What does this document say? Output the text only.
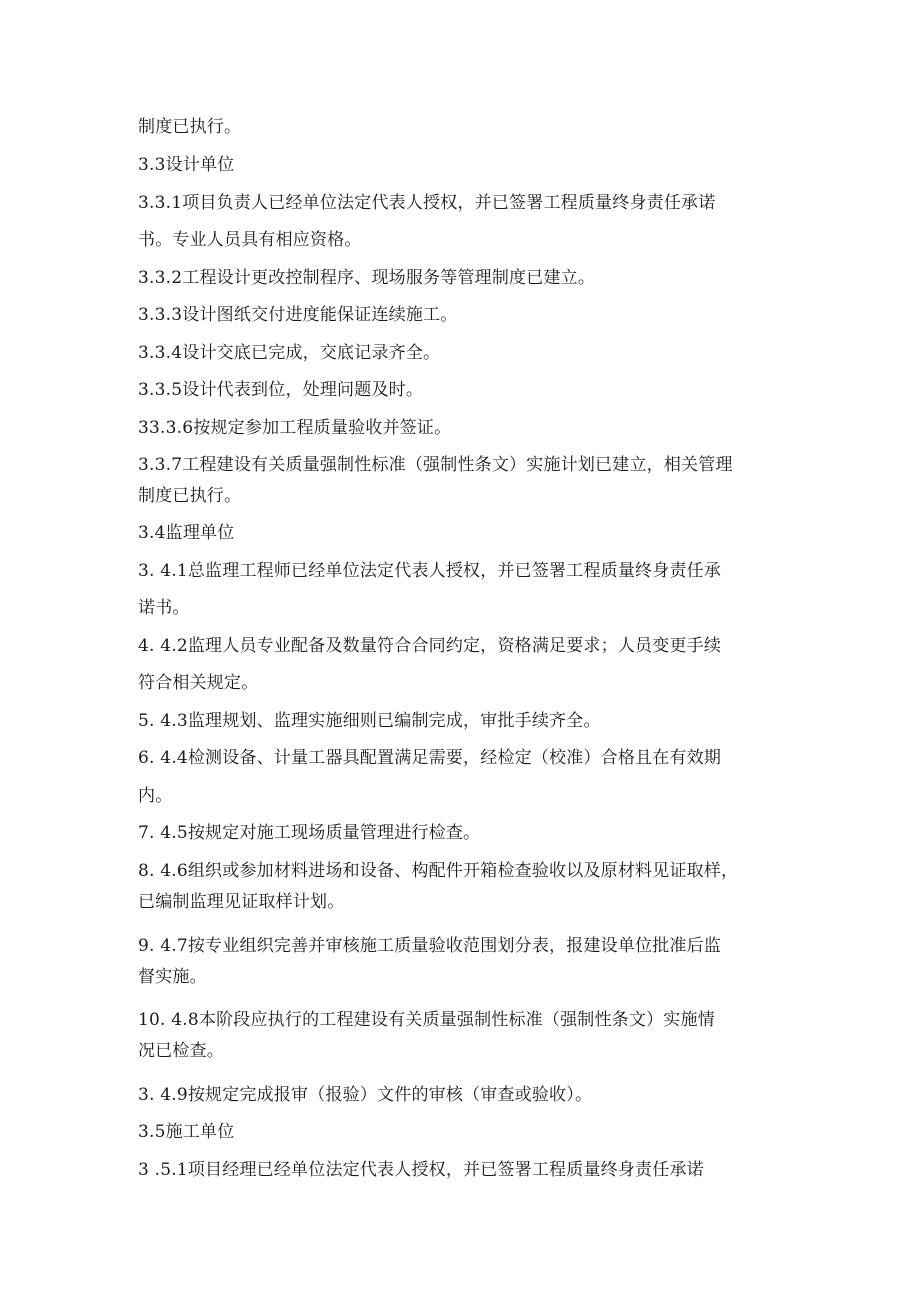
制度已执行。
3.3设计单位
3.3.1项目负责人已经单位法定代表人授权，并已签署工程质量终身责任承诺
书。专业人员具有相应资格。
3.3.2工程设计更改控制程序、现场服务等管理制度已建立。
3.3.3设计图纸交付进度能保证连续施工。
3.3.4设计交底已完成，交底记录齐全。
3.3.5设计代表到位，处理问题及时。
33.3.6按规定参加工程质量验收并签证。
3.3.7工程建设有关质量强制性标准（强制性条文）实施计划已建立，相关管理
制度已执行。
3.4监理单位
3. 4.1总监理工程师已经单位法定代表人授权，并已签署工程质量终身责任承
诺书。
4. 4.2监理人员专业配备及数量符合合同约定，资格满足要求；人员变更手续
符合相关规定。
5. 4.3监理规划、监理实施细则已编制完成，审批手续齐全。
6. 4.4检测设备、计量工器具配置满足需要，经检定（校准）合格且在有效期
内。
7. 4.5按规定对施工现场质量管理进行检查。
8. 4.6组织或参加材料进场和设备、构配件开箱检查验收以及原材料见证取样，
已编制监理见证取样计划。
9. 4.7按专业组织完善并审核施工质量验收范围划分表，报建设单位批准后监
督实施。
10. 4.8本阶段应执行的工程建设有关质量强制性标准（强制性条文）实施情
况已检查。
3. 4.9按规定完成报审（报验）文件的审核（审查或验收）。
3.5施工单位
3 .5.1项目经理已经单位法定代表人授权，并已签署工程质量终身责任承诺
